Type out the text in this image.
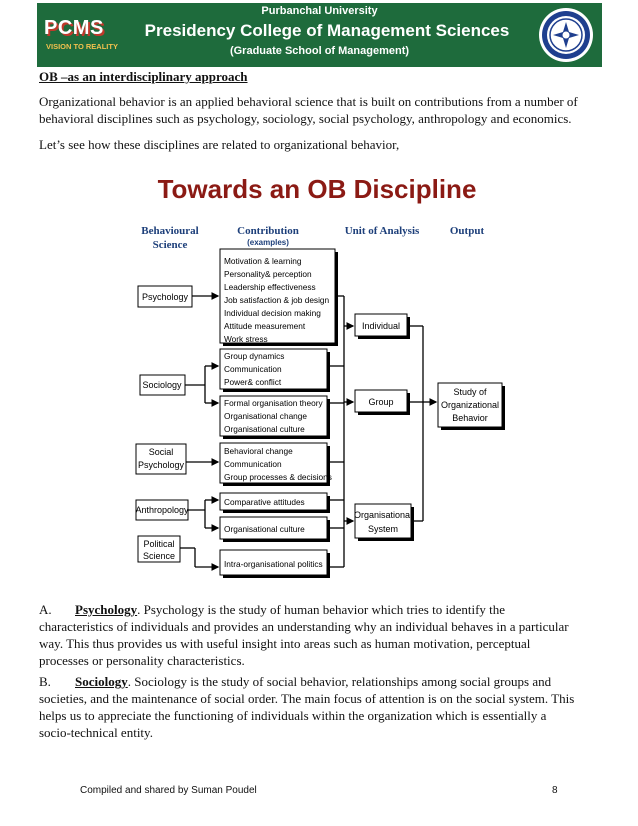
PCMS
VISION TO REALITY
Purbanchal University
Presidency College of Management Sciences
(Graduate School of Management)
OB –as an interdisciplinary approach
Organizational behavior is an applied behavioral science that is built on contributions from a number of
behavioral disciplines such as psychology, sociology, social psychology, anthropology and economics.
Let’s see how these disciplines are related to organizational behavior,
Towards an OB Discipline
Behavioural
Science
Contribution	Unit of Analysis	Output
(examples)
Psychology
Sociology
Social
Psychology
Anthropology
Political
Science
Motivation & learning
Personality& perception
Leadership effectiveness
Job satisfaction & job design
Individual decision making
Attitude measurement
Work stress
Group dynamics
Communication
Power& conflict
Formal organisation theory
Organisational change
Organisational culture
Behavioral change
Communication
Group processes & decisions
Comparative attitudes
Organisational culture
Intra-organisational politics
Individual
Group
Organisational
System
Study of
Organizational
Behavior
A. Psychology. Psychology is the study of human behavior which tries to identify the
characteristics of individuals and provides an understanding why an individual behaves in a particular
way. This thus provides us with useful insight into areas such as human motivation, perceptual
processes or personality characteristics.
B. Sociology. Sociology is the study of social behavior, relationships among social groups and
societies, and the maintenance of social order. The main focus of attention is on the social system. This
helps us to appreciate the functioning of individuals within the organization which is essentially a
socio-technical entity.
Compiled and shared by Suman Poudel	8
